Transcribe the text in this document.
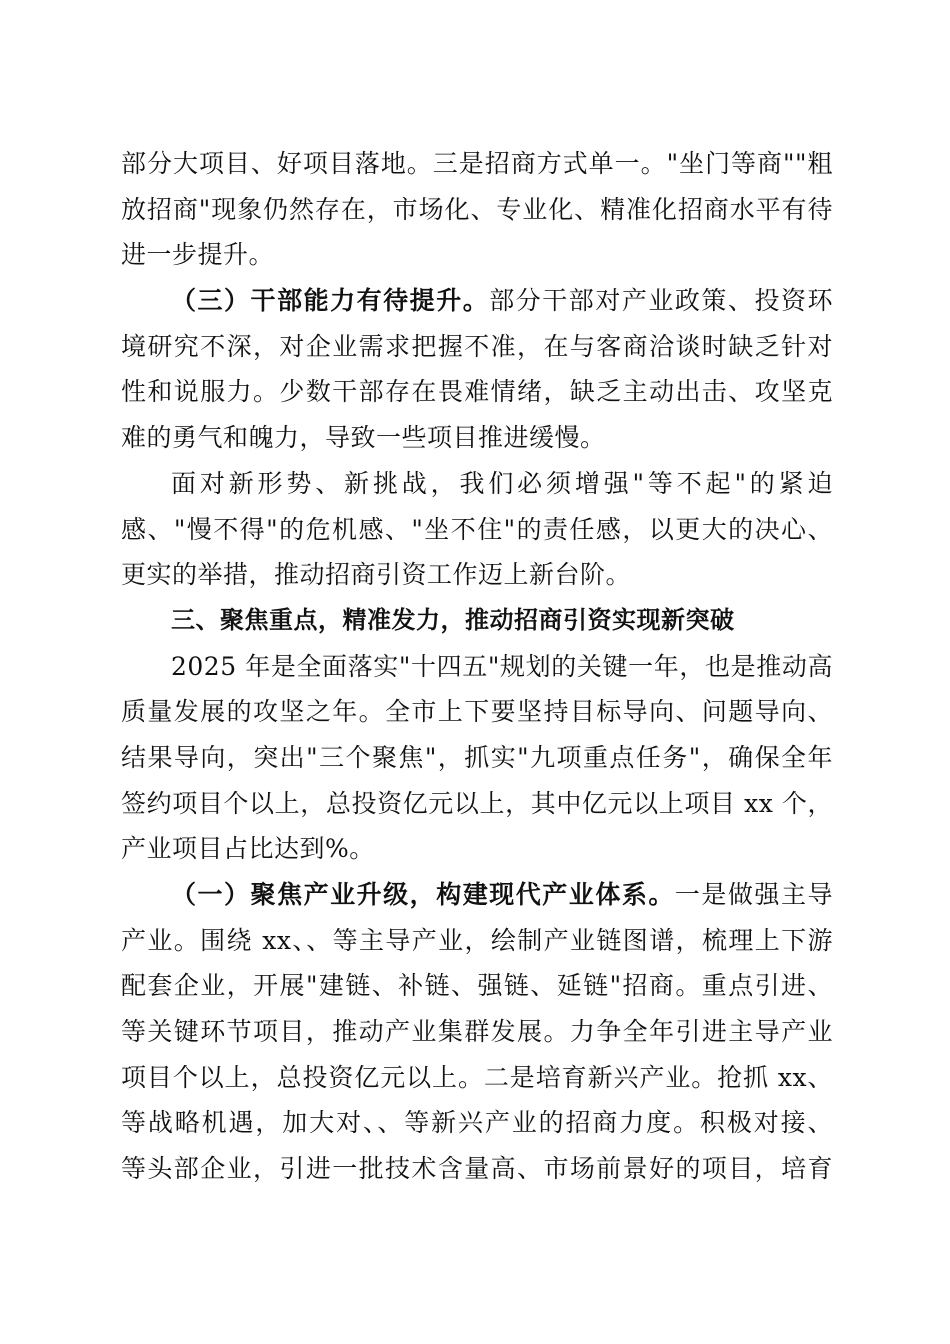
部分大项目、好项目落地。三是招商方式单一。"坐门等商""粗
放招商"现象仍然存在，市场化、专业化、精准化招商水平有待
进一步提升。
（三）干部能力有待提升。部分干部对产业政策、投资环
境研究不深，对企业需求把握不准，在与客商洽谈时缺乏针对
性和说服力。少数干部存在畏难情绪，缺乏主动出击、攻坚克
难的勇气和魄力，导致一些项目推进缓慢。
面对新形势、新挑战，我们必须增强"等不起"的紧迫
感、"慢不得"的危机感、"坐不住"的责任感，以更大的决心、
更实的举措，推动招商引资工作迈上新台阶。
三、聚焦重点，精准发力，推动招商引资实现新突破
2025 年是全面落实"十四五"规划的关键一年，也是推动高
质量发展的攻坚之年。全市上下要坚持目标导向、问题导向、
结果导向，突出"三个聚焦"，抓实"九项重点任务"，确保全年
签约项目个以上，总投资亿元以上，其中亿元以上项目 xx 个，
产业项目占比达到%。
（一）聚焦产业升级，构建现代产业体系。一是做强主导
产业。围绕 xx、、等主导产业，绘制产业链图谱，梳理上下游
配套企业，开展"建链、补链、强链、延链"招商。重点引进、
等关键环节项目，推动产业集群发展。力争全年引进主导产业
项目个以上，总投资亿元以上。二是培育新兴产业。抢抓 xx、
等战略机遇，加大对、、等新兴产业的招商力度。积极对接、
等头部企业，引进一批技术含量高、市场前景好的项目，培育
